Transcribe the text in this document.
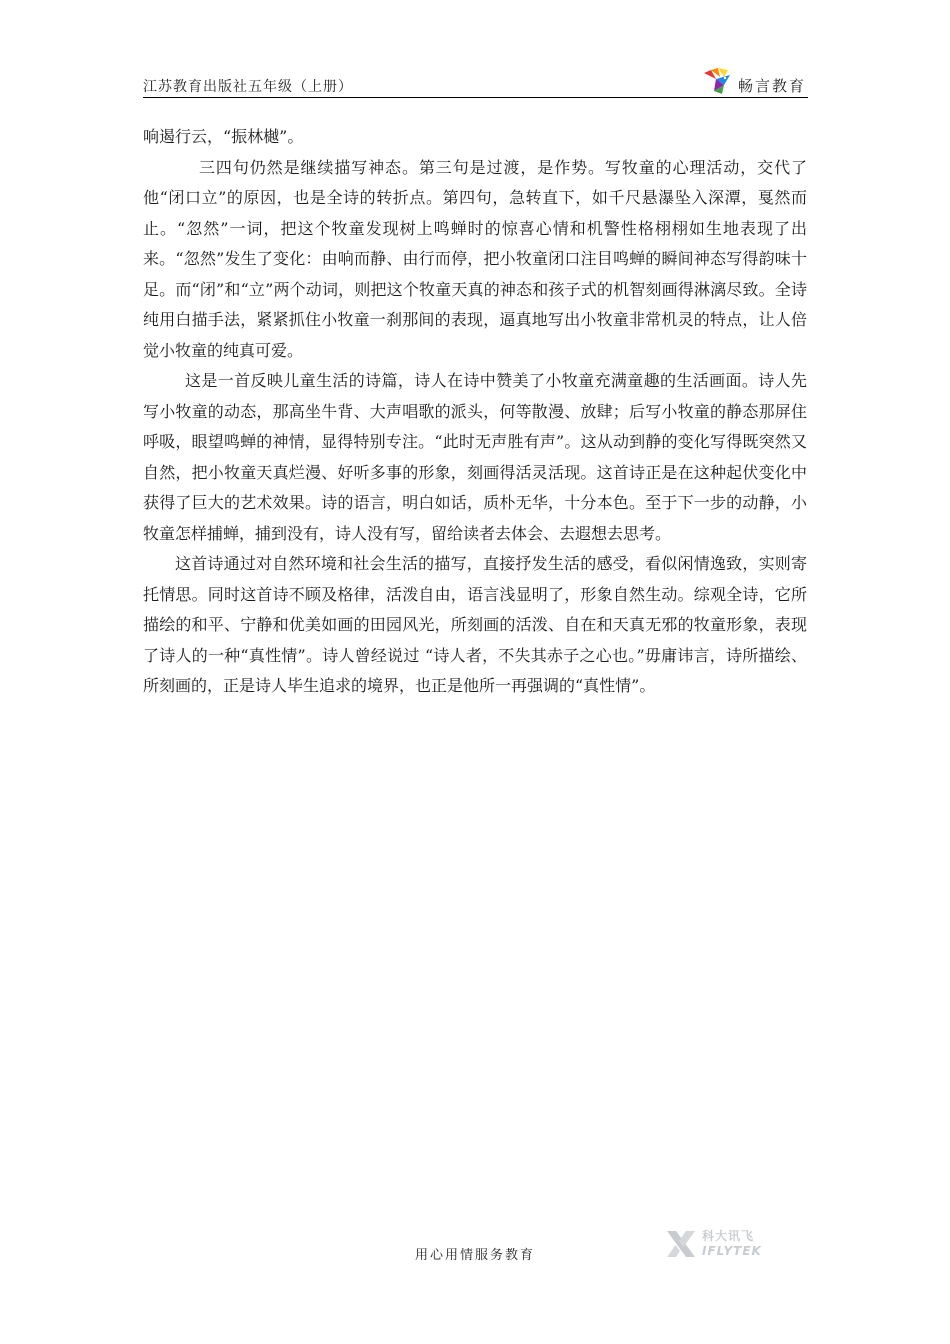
江苏教育出版社五年级（上册）	畅言教育

响遏行云，“振林樾”。

三四句仍然是继续描写神态。第三句是过渡，是作势。写牧童的心理活动，交代了他“闭口立”的原因，也是全诗的转折点。第四句，急转直下，如千尺悬瀑坠入深潭，戛然而止。“忽然”一词，把这个牧童发现树上鸣蝉时的惊喜心情和机警性格栩栩如生地表现了出来。“忽然”发生了变化：由响而静、由行而停，把小牧童闭口注目鸣蝉的瞬间神态写得韵味十足。而“闭”和“立”两个动词，则把这个牧童天真的神态和孩子式的机智刻画得淋漓尽致。全诗纯用白描手法，紧紧抓住小牧童一刹那间的表现，逼真地写出小牧童非常机灵的特点，让人倍觉小牧童的纯真可爱。

这是一首反映儿童生活的诗篇，诗人在诗中赞美了小牧童充满童趣的生活画面。诗人先写小牧童的动态，那高坐牛背、大声唱歌的派头，何等散漫、放肆；后写小牧童的静态那屏住呼吸，眼望鸣蝉的神情，显得特别专注。“此时无声胜有声”。这从动到静的变化写得既突然又自然，把小牧童天真烂漫、好听多事的形象，刻画得活灵活现。这首诗正是在这种起伏变化中获得了巨大的艺术效果。诗的语言，明白如话，质朴无华，十分本色。至于下一步的动静，小牧童怎样捕蝉，捕到没有，诗人没有写，留给读者去体会、去遐想去思考。

这首诗通过对自然环境和社会生活的描写，直接抒发生活的感受，看似闲情逸致，实则寄托情思。同时这首诗不顾及格律，活泼自由，语言浅显明了，形象自然生动。综观全诗，它所描绘的和平、宁静和优美如画的田园风光，所刻画的活泼、自在和天真无邪的牧童形象，表现了诗人的一种“真性情”。诗人曾经说过 “诗人者，不失其赤子之心也。”毋庸讳言，诗所描绘、所刻画的，正是诗人毕生追求的境界，也正是他所一再强调的“真性情”。

用心用情服务教育
科大讯飞
IFLYTEK
